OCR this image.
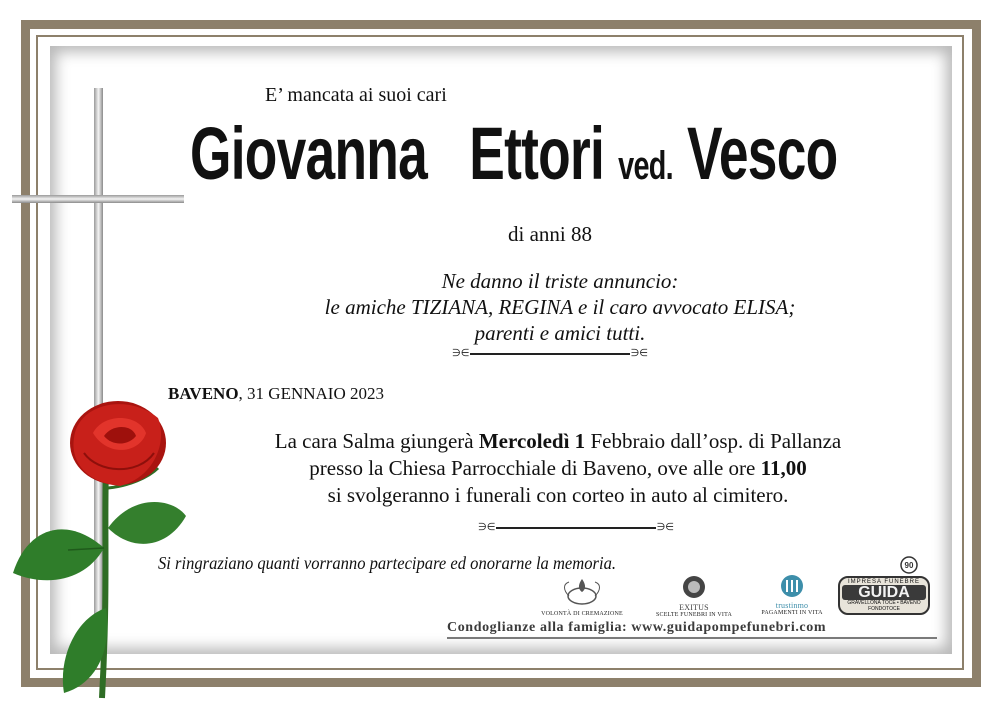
E’ mancata ai suoi cari
Giovanna Ettori ved. Vesco
di anni 88
Ne danno il triste annuncio:
le amiche TIZIANA, REGINA e il caro avvocato ELISA;
parenti e amici tutti.
∋∈	∋∈
BAVENO, 31 GENNAIO 2023
La cara Salma giungerà Mercoledì 1 Febbraio dall’osp. di Pallanza
presso la Chiesa Parrocchiale di Baveno, ove alle ore 11,00
si svolgeranno i funerali con corteo in auto al cimitero.
∋∈	∋∈
Si ringraziano quanti vorranno partecipare ed onorarne la memoria.
VOLONTÀ DI CREMAZIONE
EXITUS
SCELTE FUNEBRI IN VITA
trustinmo
PAGAMENTI IN VITA
90
IMPRESA FUNEBRE
GUIDA
GRAVELLONA TOCE • BAVENO
FONDOTOCE
Condoglianze alla famiglia: www.guidapompefunebri.com
